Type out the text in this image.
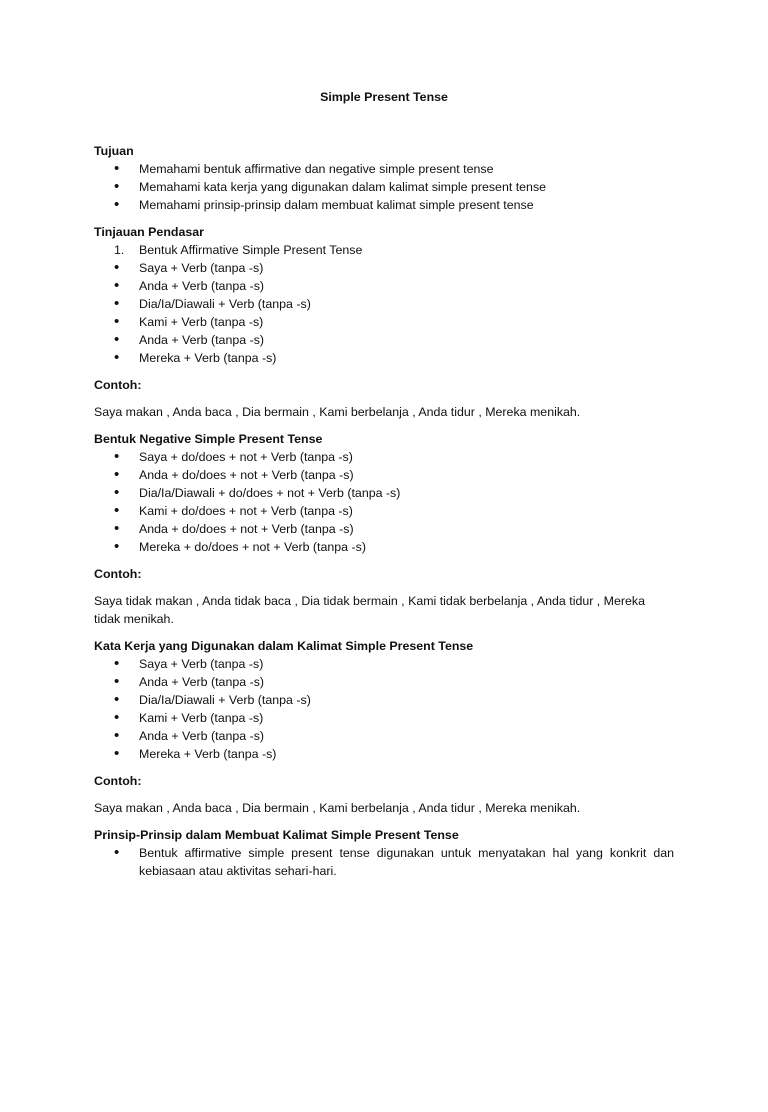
Simple Present Tense
Tujuan
•
Memahami bentuk affirmative dan negative simple present tense
•
Memahami kata kerja yang digunakan dalam kalimat simple present tense
•
Memahami prinsip-prinsip dalam membuat kalimat simple present tense
Tinjauan Pendasar
1.	Bentuk Affirmative Simple Present Tense
•
Saya + Verb (tanpa -s)
•
Anda + Verb (tanpa -s)
•
Dia/Ia/Diawali + Verb (tanpa -s)
•
Kami + Verb (tanpa -s)
•
Anda + Verb (tanpa -s)
•
Mereka + Verb (tanpa -s)
Contoh:

Saya makan , Anda baca , Dia bermain , Kami berbelanja , Anda tidur , Mereka menikah.

Bentuk Negative Simple Present Tense
•
Saya + do/does + not + Verb (tanpa -s)
•
Anda + do/does + not + Verb (tanpa -s)
•
Dia/Ia/Diawali + do/does + not + Verb (tanpa -s)
•
Kami + do/does + not + Verb (tanpa -s)
•
Anda + do/does + not + Verb (tanpa -s)
•
Mereka + do/does + not + Verb (tanpa -s)
Contoh:

Saya tidak makan , Anda tidak baca , Dia tidak bermain , Kami tidak berbelanja , Anda tidur , Mereka tidak menikah.

Kata Kerja yang Digunakan dalam Kalimat Simple Present Tense
•
Saya + Verb (tanpa -s)
•
Anda + Verb (tanpa -s)
•
Dia/Ia/Diawali + Verb (tanpa -s)
•
Kami + Verb (tanpa -s)
•
Anda + Verb (tanpa -s)
•
Mereka + Verb (tanpa -s)
Contoh:

Saya makan , Anda baca , Dia bermain , Kami berbelanja , Anda tidur , Mereka menikah.

Prinsip-Prinsip dalam Membuat Kalimat Simple Present Tense
•
Bentuk affirmative simple present tense digunakan untuk menyatakan hal yang konkrit dan kebiasaan atau aktivitas sehari-hari.
